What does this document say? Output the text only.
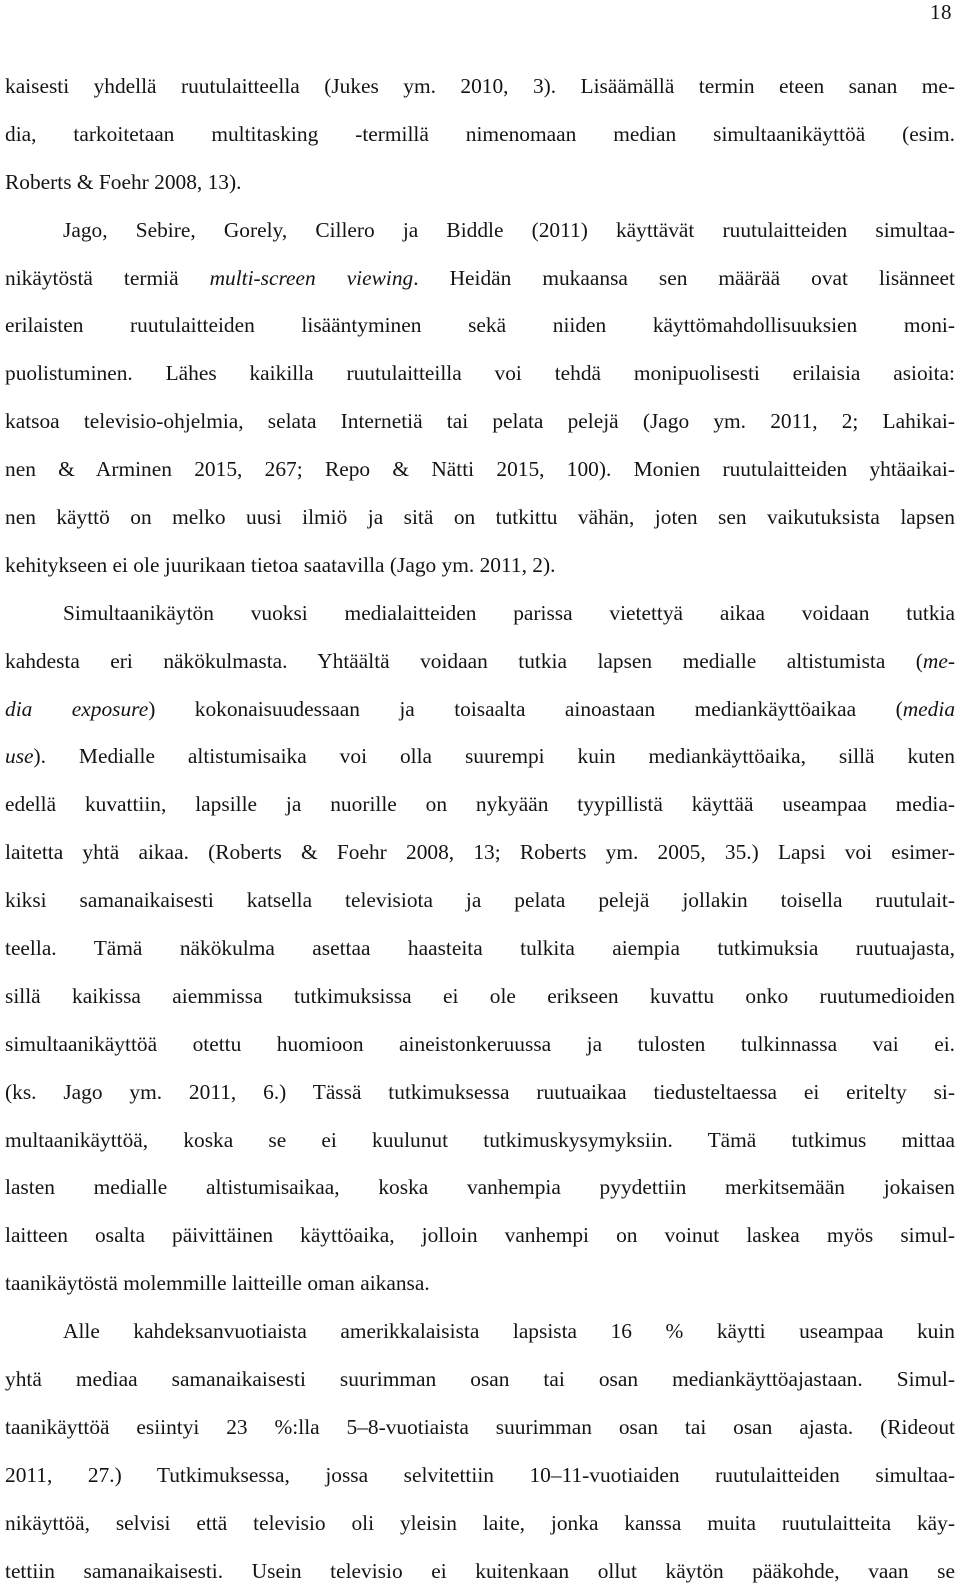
18
kaisesti yhdellä ruutulaitteella (Jukes ym. 2010, 3). Lisäämällä termin eteen sanan me-
dia, tarkoitetaan multitasking -termillä nimenomaan median simultaanikäyttöä (esim.
Roberts & Foehr 2008, 13).
Jago, Sebire, Gorely, Cillero ja Biddle (2011) käyttävät ruutulaitteiden simultaa-
nikäytöstä termiä multi-screen viewing. Heidän mukaansa sen määrää ovat lisänneet
erilaisten ruutulaitteiden lisääntyminen sekä niiden käyttömahdollisuuksien moni-
puolistuminen. Lähes kaikilla ruutulaitteilla voi tehdä monipuolisesti erilaisia asioita:
katsoa televisio-ohjelmia, selata Internetiä tai pelata pelejä (Jago ym. 2011, 2; Lahikai-
nen & Arminen 2015, 267; Repo & Nätti 2015, 100). Monien ruutulaitteiden yhtäaikai-
nen käyttö on melko uusi ilmiö ja sitä on tutkittu vähän, joten sen vaikutuksista lapsen
kehitykseen ei ole juurikaan tietoa saatavilla (Jago ym. 2011, 2).
Simultaanikäytön vuoksi medialaitteiden parissa vietettyä aikaa voidaan tutkia
kahdesta eri näkökulmasta. Yhtäältä voidaan tutkia lapsen medialle altistumista (me-
dia exposure) kokonaisuudessaan ja toisaalta ainoastaan mediankäyttöaikaa (media
use). Medialle altistumisaika voi olla suurempi kuin mediankäyttöaika, sillä kuten
edellä kuvattiin, lapsille ja nuorille on nykyään tyypillistä käyttää useampaa media-
laitetta yhtä aikaa. (Roberts & Foehr 2008, 13; Roberts ym. 2005, 35.) Lapsi voi esimer-
kiksi samanaikaisesti katsella televisiota ja pelata pelejä jollakin toisella ruutulait-
teella. Tämä näkökulma asettaa haasteita tulkita aiempia tutkimuksia ruutuajasta,
sillä kaikissa aiemmissa tutkimuksissa ei ole erikseen kuvattu onko ruutumedioiden
simultaanikäyttöä otettu huomioon aineistonkeruussa ja tulosten tulkinnassa vai ei.
(ks. Jago ym. 2011, 6.) Tässä tutkimuksessa ruutuaikaa tiedusteltaessa ei eritelty si-
multaanikäyttöä, koska se ei kuulunut tutkimuskysymyksiin. Tämä tutkimus mittaa
lasten medialle altistumisaikaa, koska vanhempia pyydettiin merkitsemään jokaisen
laitteen osalta päivittäinen käyttöaika, jolloin vanhempi on voinut laskea myös simul-
taanikäytöstä molemmille laitteille oman aikansa.
Alle kahdeksanvuotiaista amerikkalaisista lapsista 16 % käytti useampaa kuin
yhtä mediaa samanaikaisesti suurimman osan tai osan mediankäyttöajastaan. Simul-
taanikäyttöä esiintyi 23 %:lla 5–8-vuotiaista suurimman osan tai osan ajasta. (Rideout
2011, 27.) Tutkimuksessa, jossa selvitettiin 10–11-vuotiaiden ruutulaitteiden simultaa-
nikäyttöä, selvisi että televisio oli yleisin laite, jonka kanssa muita ruutulaitteita käy-
tettiin samanaikaisesti. Usein televisio ei kuitenkaan ollut käytön pääkohde, vaan se
